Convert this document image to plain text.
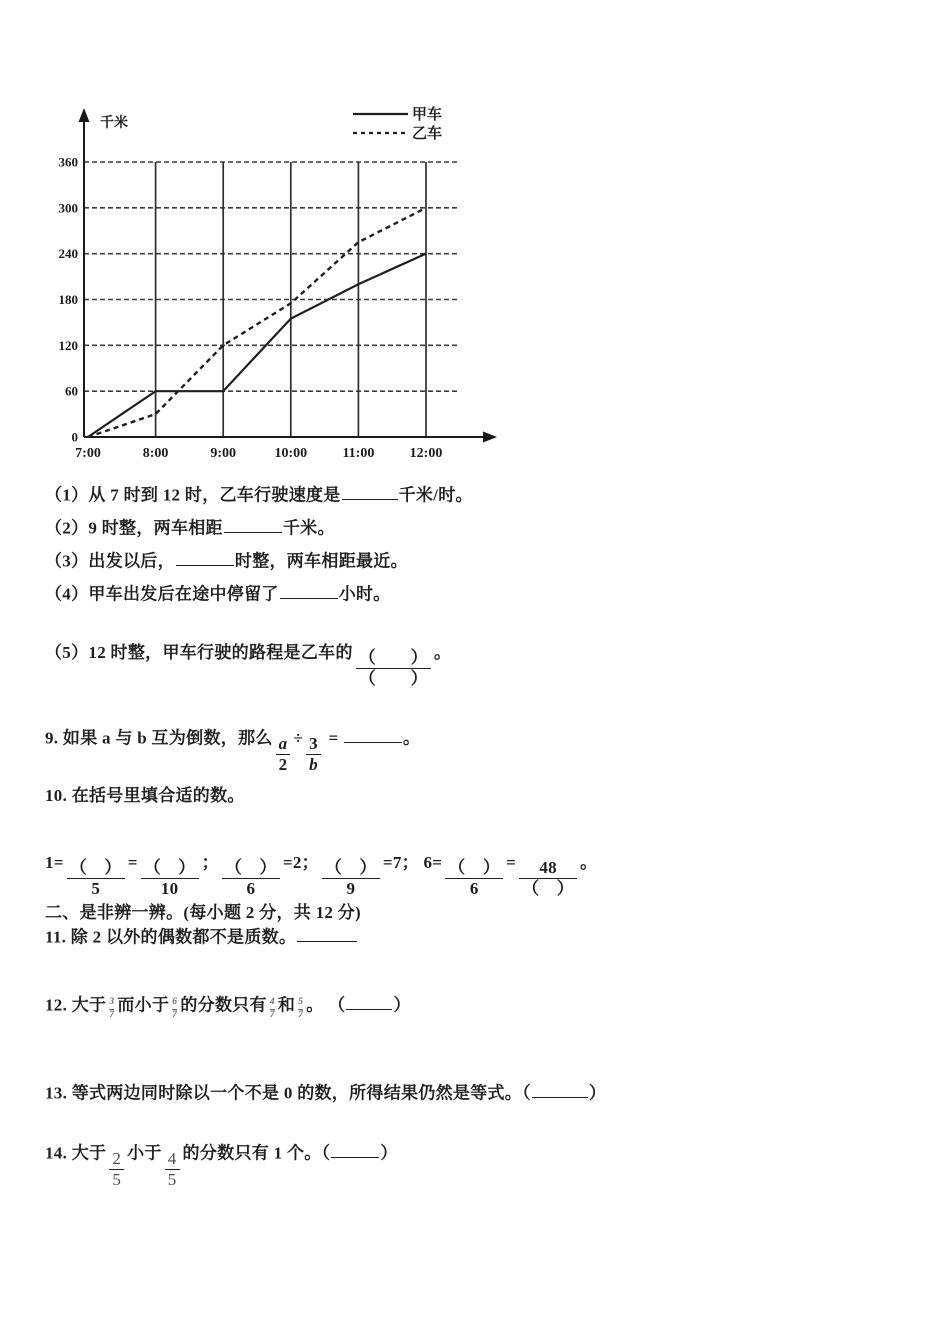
0
60
120
180
240
300
360
7:00	8:00	9:00	10:00	11:00	12:00
千米
甲车
乙车
（1）从 7 时到 12 时，乙车行驶速度是	千米/时。
（2）9 时整，两车相距	千米。
（3）出发以后，	时整，两车相距最近。
（4）甲车出发后在途中停留了	小时。
（5）12 时整，甲车行驶的路程是乙车的 $\frac{( )}{( )}$ 。
9. 如果 a 与 b 互为倒数，那么 $\frac{a}{2} \div \frac{3}{b}$ =	。
10. 在括号里填合适的数。
$1= \frac{( )}{5} = \frac{( )}{10}$ ； $\frac{( )}{6} =2$； $\frac{( )}{9} =7$； $6= \frac{( )}{6} = \frac{48}{( )}$ 。
二、是非辨一辨。(每小题 2 分，共 12 分)
11. 除 2 以外的偶数都不是质数。
12. 大于 $\frac{3}{7}$ 而小于 $\frac{6}{7}$ 的分数只有 $\frac{4}{7}$ 和 $\frac{5}{7}$ 。 （	）
13. 等式两边同时除以一个不是 0 的数，所得结果仍然是等式。（	）
14. 大于 $\frac{2}{5}$ 小于 $\frac{4}{5}$ 的分数只有 1 个。（	）
